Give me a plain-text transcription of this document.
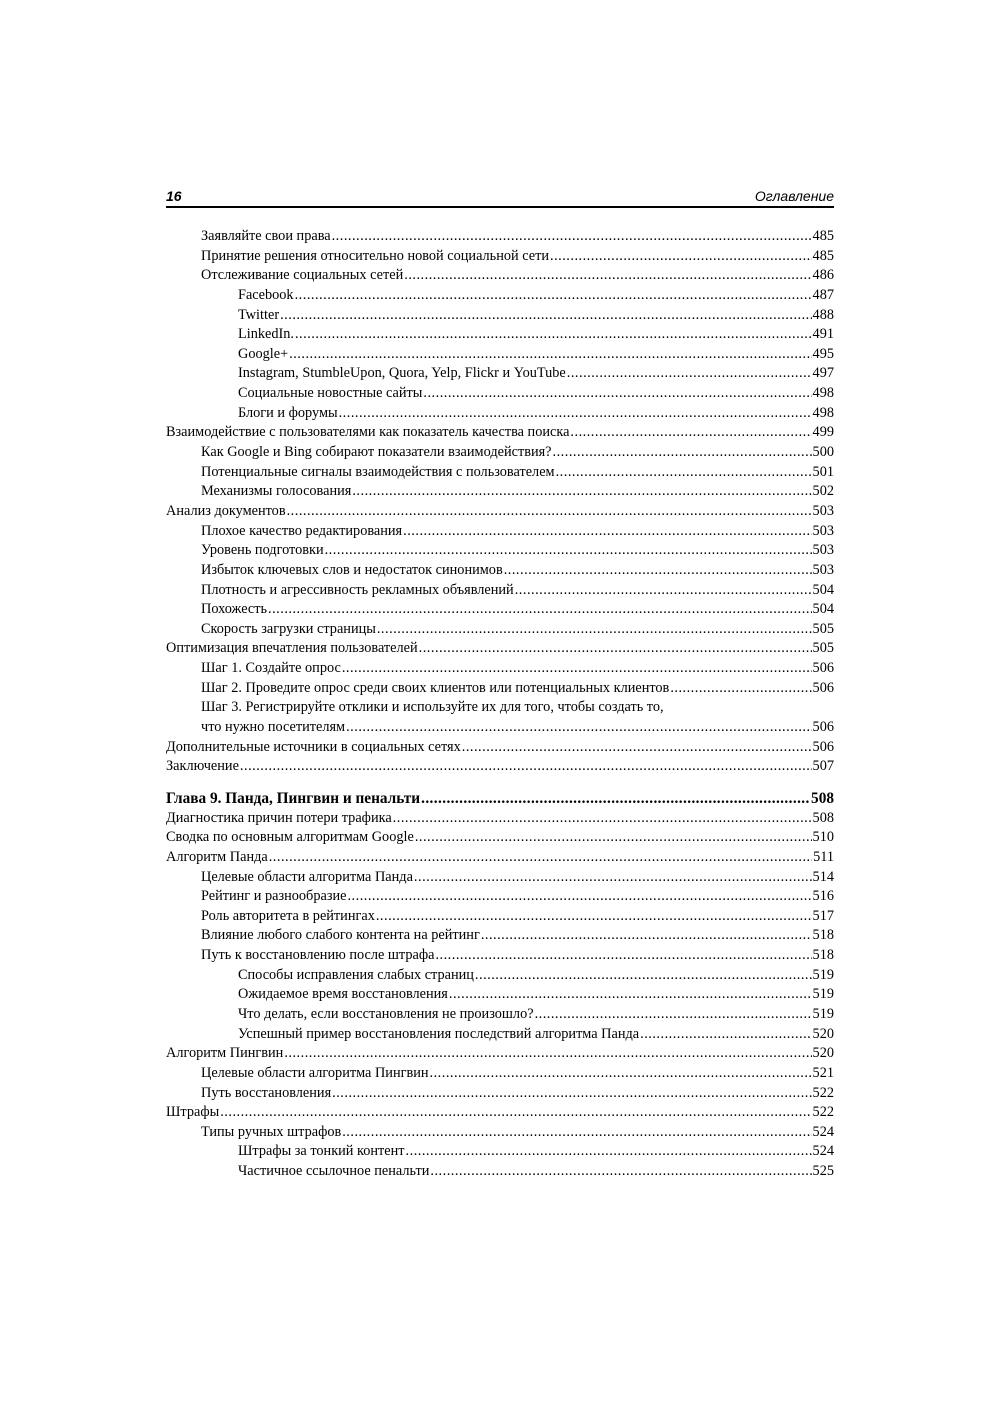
16	Оглавление
Заявляйте свои права .....	485
Принятие решения относительно новой социальной сети .....	485
Отслеживание социальных сетей .....	486
Facebook .....	487
Twitter .....	488
LinkedIn. .....	491
Google+ .....	495
Instagram, StumbleUpon, Quora, Yelp, Flickr и YouTube .....	497
Социальные новостные сайты .....	498
Блоги и форумы .....	498
Взаимодействие с пользователями как показатель качества поиска .....	499
Как Google и Bing собирают показатели взаимодействия? .....	500
Потенциальные сигналы взаимодействия с пользователем .....	501
Механизмы голосования .....	502
Анализ документов .....	503
Плохое качество редактирования .....	503
Уровень подготовки .....	503
Избыток ключевых слов и недостаток синонимов .....	503
Плотность и агрессивность рекламных объявлений .....	504
Похожесть .....	504
Скорость загрузки страницы .....	505
Оптимизация впечатления пользователей .....	505
Шаг 1. Создайте опрос .....	506
Шаг 2. Проведите опрос среди своих клиентов или потенциальных клиентов .....	506
Шаг 3. Регистрируйте отклики и используйте их для того, чтобы создать то,
что нужно посетителям .....	506
Дополнительные источники в социальных сетях .....	506
Заключение .....	507
Глава 9. Панда, Пингвин и пенальти .....	508
Диагностика причин потери трафика .....	508
Сводка по основным алгоритмам Google .....	510
Алгоритм Панда .....	511
Целевые области алгоритма Панда .....	514
Рейтинг и разнообразие .....	516
Роль авторитета в рейтингах .....	517
Влияние любого слабого контента на рейтинг .....	518
Путь к восстановлению после штрафа .....	518
Способы исправления слабых страниц .....	519
Ожидаемое время восстановления .....	519
Что делать, если восстановления не произошло? .....	519
Успешный пример восстановления последствий алгоритма Панда .....	520
Алгоритм Пингвин .....	520
Целевые области алгоритма Пингвин .....	521
Путь восстановления .....	522
Штрафы .....	522
Типы ручных штрафов .....	524
Штрафы за тонкий контент .....	524
Частичное ссылочное пенальти .....	525
